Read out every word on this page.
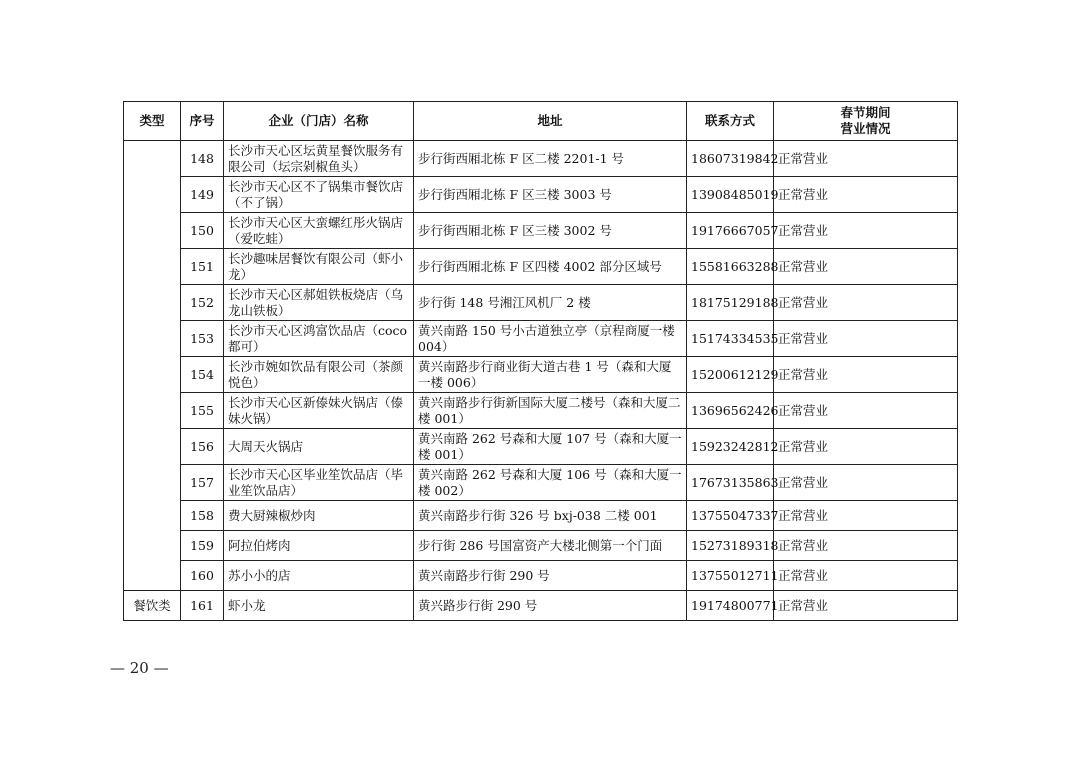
类型	序号	企业（门店）名称	地址	联系方式	春节期间
营业情况

	148	长沙市天心区坛黄星餐饮服务有限公司（坛宗剁椒鱼头）	步行街西厢北栋 F 区二楼 2201-1 号	18607319842	正常营业
	149	长沙市天心区不了锅集市餐饮店（不了锅）	步行街西厢北栋 F 区三楼 3003 号	13908485019	正常营业
	150	长沙市天心区大蛮螺红彤火锅店（爱吃蛙）	步行街西厢北栋 F 区三楼 3002 号	19176667057	正常营业
	151	长沙趣味居餐饮有限公司（虾小龙）	步行街西厢北栋 F 区四楼 4002 部分区域号	15581663288	正常营业
	152	长沙市天心区郝姐铁板烧店（乌龙山铁板）	步行街 148 号湘江风机厂 2 楼	18175129188	正常营业
	153	长沙市天心区鸿富饮品店（coco都可）	黄兴南路 150 号小古道独立亭（京程商厦一楼004）	15174334535	正常营业
	154	长沙市婉如饮品有限公司（茶颜悦色）	黄兴南路步行商业街大道古巷 1 号（森和大厦一楼 006）	15200612129	正常营业
	155	长沙市天心区新傣妹火锅店（傣妹火锅）	黄兴南路步行街新国际大厦二楼号（森和大厦二楼 001）	13696562426	正常营业
	156	大周天火锅店	黄兴南路 262 号森和大厦 107 号（森和大厦一楼 001）	15923242812	正常营业
	157	长沙市天心区毕业笙饮品店（毕业笙饮品店）	黄兴南路 262 号森和大厦 106 号（森和大厦一楼 002）	17673135863	正常营业
	158	费大厨辣椒炒肉	黄兴南路步行街 326 号 bxj-038 二楼 001	13755047337	正常营业
	159	阿拉伯烤肉	步行街 286 号国富资产大楼北侧第一个门面	15273189318	正常营业
	160	苏小小的店	黄兴南路步行街 290 号	13755012711	正常营业
餐饮类	161	虾小龙	黄兴路步行街 290 号	19174800771	正常营业
— 20 —
